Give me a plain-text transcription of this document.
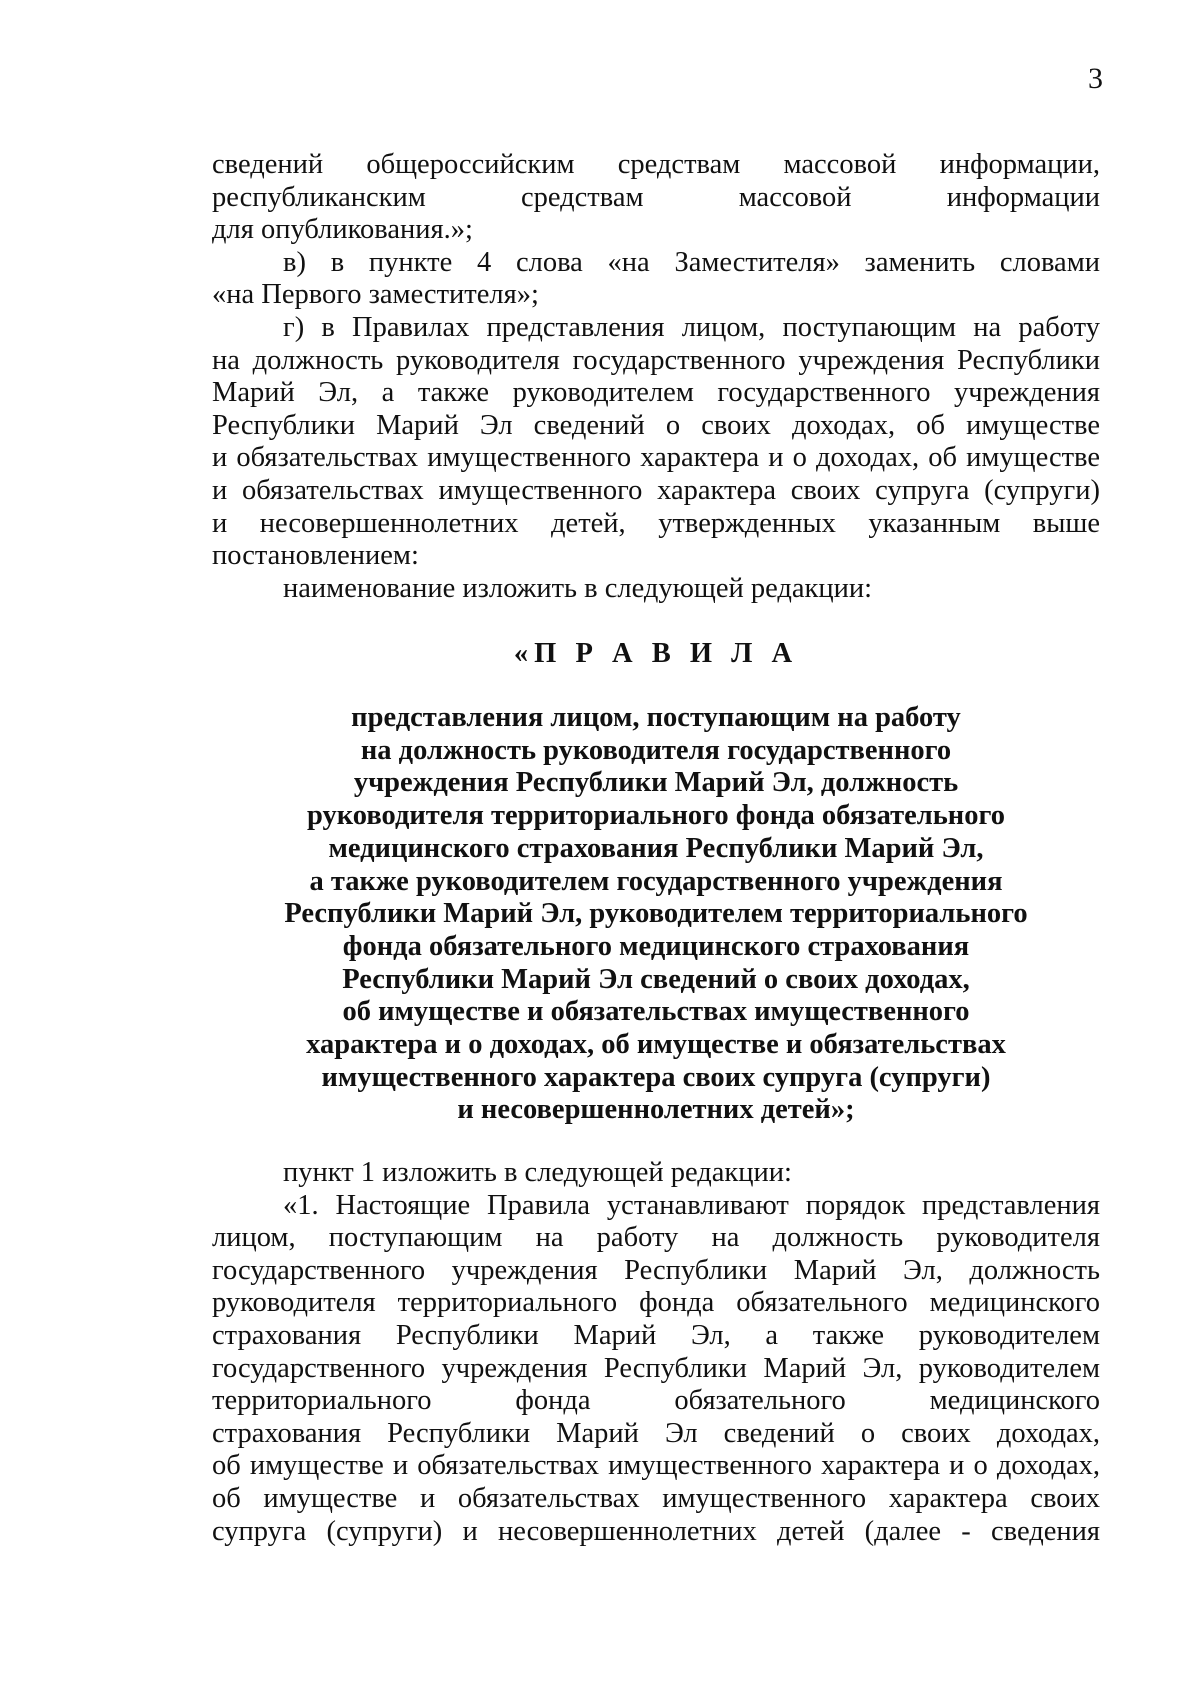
3
сведений общероссийским средствам массовой информации,
республиканским средствам массовой информации
для опубликования.»;
в) в пункте 4 слова «на Заместителя» заменить словами
«на Первого заместителя»;
г) в Правилах представления лицом, поступающим на работу
на должность руководителя государственного учреждения Республики
Марий Эл, а также руководителем государственного учреждения
Республики Марий Эл сведений о своих доходах, об имуществе
и обязательствах имущественного характера и о доходах, об имуществе
и обязательствах имущественного характера своих супруга (супруги)
и несовершеннолетних детей, утвержденных указанным выше
постановлением:
наименование изложить в следующей редакции:
«П Р А В И Л А
представления лицом, поступающим на работу
на должность руководителя государственного
учреждения Республики Марий Эл, должность
руководителя территориального фонда обязательного
медицинского страхования Республики Марий Эл,
а также руководителем государственного учреждения
Республики Марий Эл, руководителем территориального
фонда обязательного медицинского страхования
Республики Марий Эл сведений о своих доходах,
об имуществе и обязательствах имущественного
характера и о доходах, об имуществе и обязательствах
имущественного характера своих супруга (супруги)
и несовершеннолетних детей»;
пункт 1 изложить в следующей редакции:
«1. Настоящие Правила устанавливают порядок представления
лицом, поступающим на работу на должность руководителя
государственного учреждения Республики Марий Эл, должность
руководителя территориального фонда обязательного медицинского
страхования Республики Марий Эл, а также руководителем
государственного учреждения Республики Марий Эл, руководителем
территориального фонда обязательного медицинского
страхования Республики Марий Эл сведений о своих доходах,
об имуществе и обязательствах имущественного характера и о доходах,
об имуществе и обязательствах имущественного характера своих
супруга (супруги) и несовершеннолетних детей (далее - сведения
